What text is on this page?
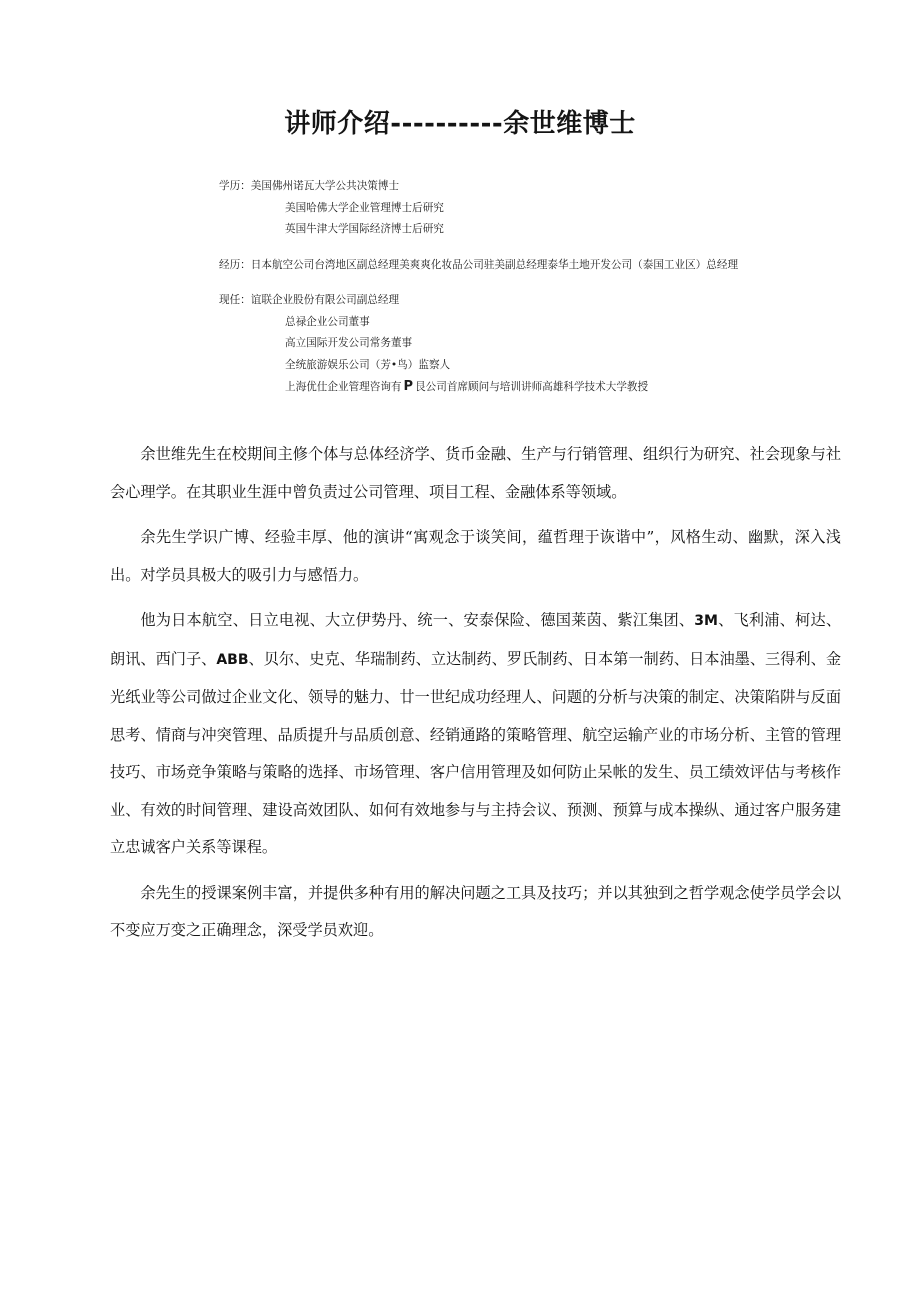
讲师介绍----------余世维博士
学历：美国佛州诺瓦大学公共决策博士
美国哈佛大学企业管理博士后研究
英国牛津大学国际经济博士后研究
经历：日本航空公司台湾地区副总经理美爽爽化妆品公司驻美副总经理泰华土地开发公司（泰国工业区）总经理
现任：谊联企业股份有限公司副总经理
总禄企业公司董事
高立国际开发公司常务董事
全统旅游娱乐公司（芳•鸟）监察人
上海优仕企业管理咨询有 P 艮公司首席顾问与培训讲师高雄科学技术大学教授

余世维先生在校期间主修个体与总体经济学、货币金融、生产与行销管理、组织行为研究、社会现象与社会心理学。在其职业生涯中曾负责过公司管理、项目工程、金融体系等领域。

余先生学识广博、经验丰厚、他的演讲“寓观念于谈笑间，蕴哲理于诙谐中”，风格生动、幽默，深入浅出。对学员具极大的吸引力与感悟力。

他为日本航空、日立电视、大立伊势丹、统一、安泰保险、德国莱茵、紫江集团、3M、飞利浦、柯达、朗讯、西门子、ABB、贝尔、史克、华瑞制药、立达制药、罗氏制药、日本第一制药、日本油墨、三得利、金光纸业等公司做过企业文化、领导的魅力、廿一世纪成功经理人、问题的分析与决策的制定、决策陷阱与反面思考、情商与冲突管理、品质提升与品质创意、经销通路的策略管理、航空运输产业的市场分析、主管的管理技巧、市场竞争策略与策略的选择、市场管理、客户信用管理及如何防止呆帐的发生、员工绩效评估与考核作业、有效的时间管理、建设高效团队、如何有效地参与与主持会议、预测、预算与成本操纵、通过客户服务建立忠诚客户关系等课程。

余先生的授课案例丰富，并提供多种有用的解决问题之工具及技巧；并以其独到之哲学观念使学员学会以不变应万变之正确理念，深受学员欢迎。
